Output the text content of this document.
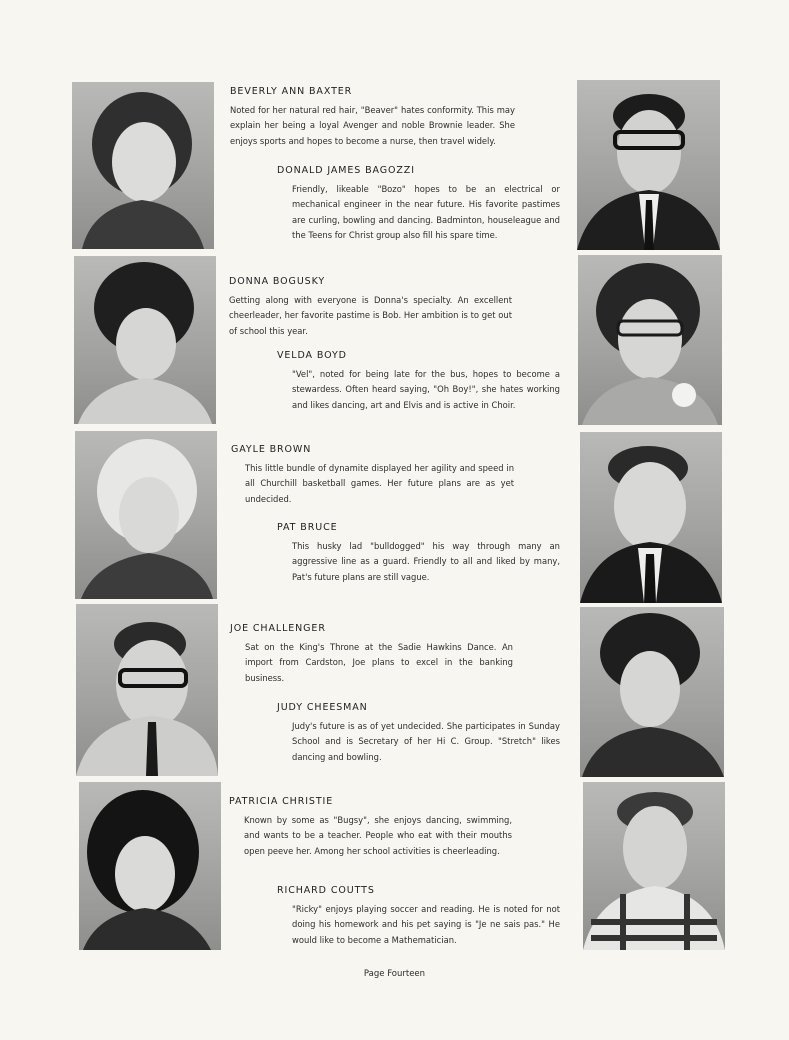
BEVERLY ANN BAXTER

Noted for her natural red hair, "Beaver" hates conformity. This may explain her being a loyal Avenger and noble Brownie leader. She enjoys sports and hopes to become a nurse, then travel widely.

DONALD JAMES BAGOZZI

Friendly, likeable "Bozo" hopes to be an electrical or mechanical engineer in the near future. His favorite pastimes are curling, bowling and dancing. Badminton, houseleague and the Teens for Christ group also fill his spare time.

DONNA BOGUSKY

Getting along with everyone is Donna's specialty. An excellent cheerleader, her favorite pastime is Bob. Her ambition is to get out of school this year.

VELDA BOYD

"Vel", noted for being late for the bus, hopes to become a stewardess. Often heard saying, "Oh Boy!", she hates working and likes dancing, art and Elvis and is active in Choir.

GAYLE BROWN

This little bundle of dynamite displayed her agility and speed in all Churchill basketball games. Her future plans are as yet undecided.

PAT BRUCE

This husky lad "bulldogged" his way through many an aggressive line as a guard. Friendly to all and liked by many, Pat's future plans are still vague.

JOE CHALLENGER

Sat on the King's Throne at the Sadie Hawkins Dance. An import from Cardston, Joe plans to excel in the banking business.

JUDY CHEESMAN

Judy's future is as of yet undecided. She participates in Sunday School and is Secretary of her Hi C. Group. "Stretch" likes dancing and bowling.

PATRICIA CHRISTIE

Known by some as "Bugsy", she enjoys dancing, swimming, and wants to be a teacher. People who eat with their mouths open peeve her. Among her school activities is cheerleading.

RICHARD COUTTS

"Ricky" enjoys playing soccer and reading. He is noted for not doing his homework and his pet saying is "Je ne sais pas." He would like to become a Mathematician.

Page Fourteen
